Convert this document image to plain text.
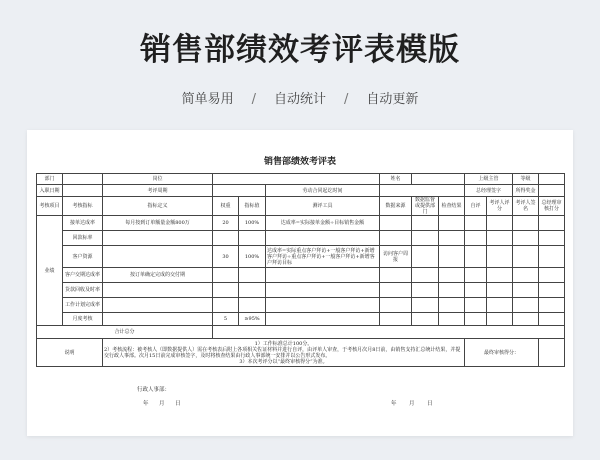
销售部绩效考评表模版
简单易用 / 自动统计 / 自动更新
销售部绩效考评表
部门		岗位				姓名			上级主管		等级	
入职日期		考评周期			劳动合同起讫时间				总经理签字		所得奖金	
考核项目	考核指标	指标定义	权重	指标值	测评工具	数据来源	数据监督或提供部门	检查结果	自评	考评人评分	考评人签名	总经理审核打分
业绩	接单达成率	每月按到订单额量金额800万	20	100%	达成率=实际接单金额÷目标销售金额							
	回款标率											
	客户资源		30	100%	达成率=实际重点客户拜访+一般客户拜访+新增客户拜访÷重点客户拜访+一般客户拜访+新增客户拜访目标	访问客户周报						
	客户交期达成率	按订单确定完成的交付期										
	货款回收及时率											
	工作计划完成率											
	月度考核		5	≥95%								
合计总分												
说明		1）工作标准总计100分。
2）考核流程：被考核人（即数据提供人）需在考核表后附上各项相关佐证材料并进行自评，由评单人审查，于考核月次月8日前，由销售支持汇总统计结果，并提交行政人事部。次月15日前完成审核签字，及时将核查结果由行政人事部统一安排并以公告形式发布。
3）本次考评分以“最终审核得分”为准。							最终审核得分：			
行政人事部：
年 月 日	年 月 日
